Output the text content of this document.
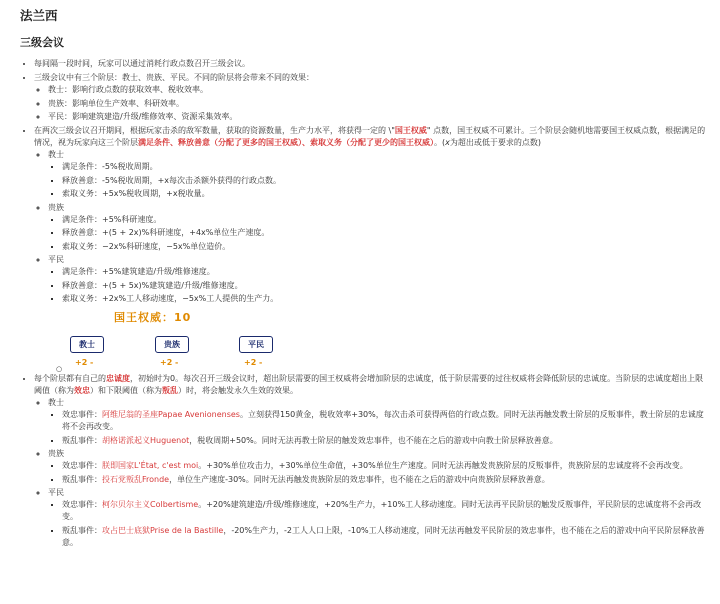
法兰西
三级会议
• 每间隔一段时间，玩家可以通过消耗行政点数召开三级会议。
• 三级会议中有三个阶层：教士、贵族、平民。不同的阶层将会带来不同的效果：
◦ 教士：影响行政点数的获取效率、税收效率。
◦ 贵族：影响单位生产效率、科研效率。
◦ 平民：影响建筑建造/升级/维修效率、资源采集效率。
• 在两次三级会议召开期间，根据玩家击杀的敌军数量，获取的资源数量，生产力水平，将获得一定的 \"国王权威" 点数，国王权威不可累计。三个阶层会随机地需要国王权威点数，根据满足的情况，视为玩家向这三个阶层满足条件、释放善意（分配了更多的国王权威）、索取义务（分配了更少的国王权威）。(x为超出或低于要求的点数)
◦ 教士
▪ 满足条件：-5%税收周期。
▪ 释放善意：-5%税收周期，+x每次击杀额外获得的行政点数。
▪ 索取义务：+5x%税收周期，+x税收量。
◦ 贵族
▪ 满足条件：+5%科研速度。
▪ 释放善意：+(5 + 2x)%科研速度，+4x%单位生产速度。
▪ 索取义务：−2x%科研速度，−5x%单位造价。
◦ 平民
▪ 满足条件：+5%建筑建造/升级/维修速度。
▪ 释放善意：+(5 + 5x)%建筑建造/升级/维修速度。
▪ 索取义务：+2x%工人移动速度，−5x%工人提供的生产力。
国王权威：10
教士	贵族	平民
+2 -	+2 -	+2 -
○
• 每个阶层都有自己的忠诚度，初始时为0。每次召开三级会议时，超出阶层需要的国王权威将会增加阶层的忠诚度，低于阶层需要的过往权威将会降低阶层的忠诚度。当阶层的忠诚度超出上限阈值（称为效忠）和下限阈值（称为叛乱）时，将会触发永久生效的效果。
◦ 教士
▪ 效忠事件：阿维尼翁的圣座Papae Avenionenses。立刻获得150黄金，税收效率+30%，每次击杀可获得两倍的行政点数。同时无法再触发教士阶层的反叛事件，教士阶层的忠诚度将不会再改变。
▪ 叛乱事件：胡格诺派起义Huguenot，税收周期+50%。同时无法再教士阶层的触发效忠事件，也不能在之后的游戏中向教士阶层释放善意。
◦ 贵族
▪ 效忠事件：朕即国家L'État, c'est moi。+30%单位攻击力，+30%单位生命值，+30%单位生产速度。同时无法再触发贵族阶层的反叛事件，贵族阶层的忠诚度将不会再改变。
▪ 叛乱事件：投石党叛乱Fronde，单位生产速度-30%。同时无法再触发贵族阶层的效忠事件，也不能在之后的游戏中向贵族阶层释放善意。
◦ 平民
▪ 效忠事件：柯尔贝尔主义Colbertisme。+20%建筑建造/升级/维修速度，+20%生产力，+10%工人移动速度。同时无法再平民阶层的触发反叛事件，平民阶层的忠诚度将不会再改变。
▪ 叛乱事件：攻占巴士底狱Prise de la Bastille，-20%生产力，-2工人人口上限，-10%工人移动速度，同时无法再触发平民阶层的效忠事件，也不能在之后的游戏中向平民阶层释放善意。
